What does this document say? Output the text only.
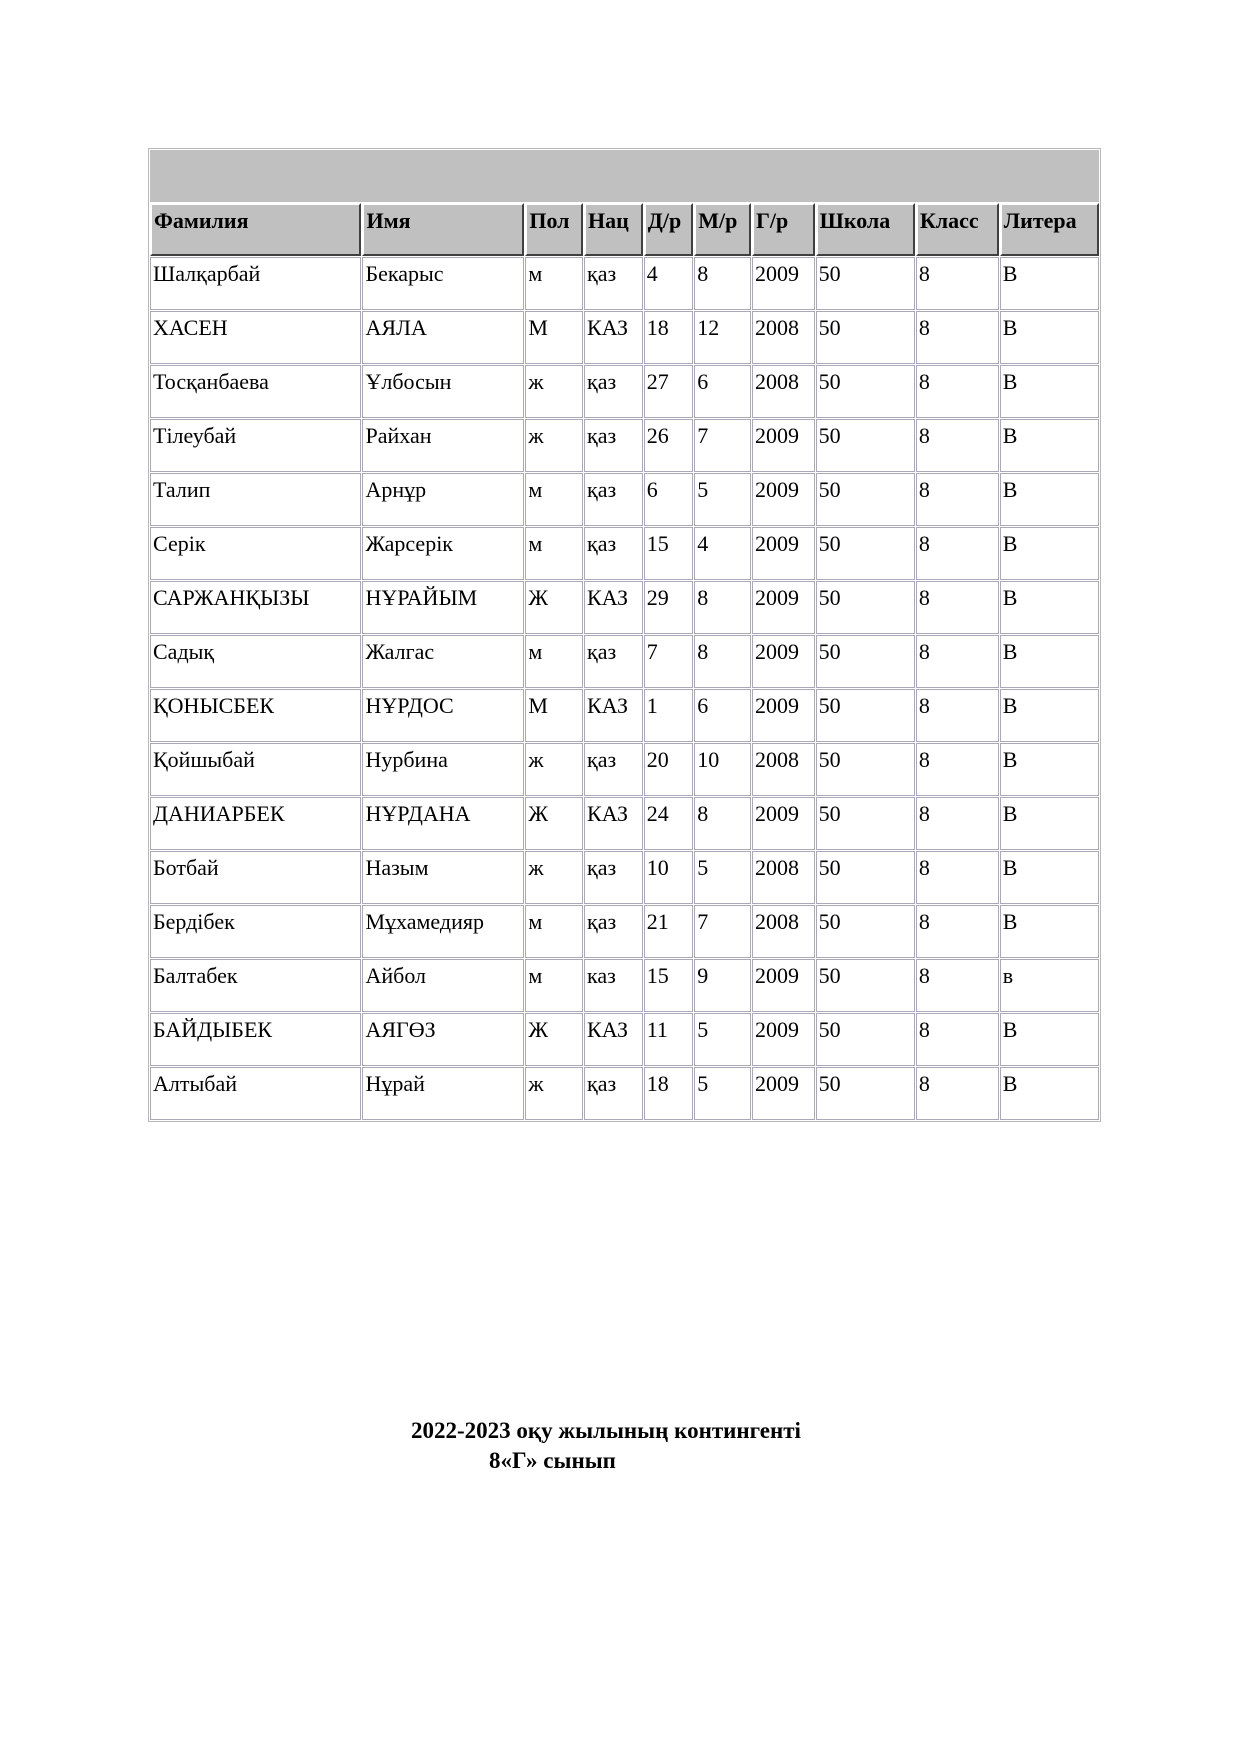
Фамилия	Имя	Пол	Нац	Д/р	М/р	Г/р	Школа	Класс	Литера
Шалқарбай	Бекарыс	м	қаз	4	8	2009	50	8	В
ХАСЕН	АЯЛА	М	КАЗ	18	12	2008	50	8	В
Тосқанбаева	Ұлбосын	ж	қаз	27	6	2008	50	8	В
Тілеубай	Райхан	ж	қаз	26	7	2009	50	8	В
Талип	Арнұр	м	қаз	6	5	2009	50	8	В
Серік	Жарсерік	м	қаз	15	4	2009	50	8	В
САРЖАНҚЫЗЫ	НҰРАЙЫМ	Ж	КАЗ	29	8	2009	50	8	В
Садық	Жалгас	м	қаз	7	8	2009	50	8	В
ҚОНЫСБЕК	НҰРДОС	М	КАЗ	1	6	2009	50	8	В
Қойшыбай	Нурбина	ж	қаз	20	10	2008	50	8	В
ДАНИАРБЕК	НҰРДАНА	Ж	КАЗ	24	8	2009	50	8	В
Ботбай	Назым	ж	қаз	10	5	2008	50	8	В
Бердібек	Мұхамедияр	м	қаз	21	7	2008	50	8	В
Балтабек	Айбол	м	каз	15	9	2009	50	8	в
БАЙДЫБЕК	АЯГӨЗ	Ж	КАЗ	11	5	2009	50	8	В
Алтыбай	Нұрай	ж	қаз	18	5	2009	50	8	В
2022-2023 оқу жылының контингенті
8«Г» сынып
